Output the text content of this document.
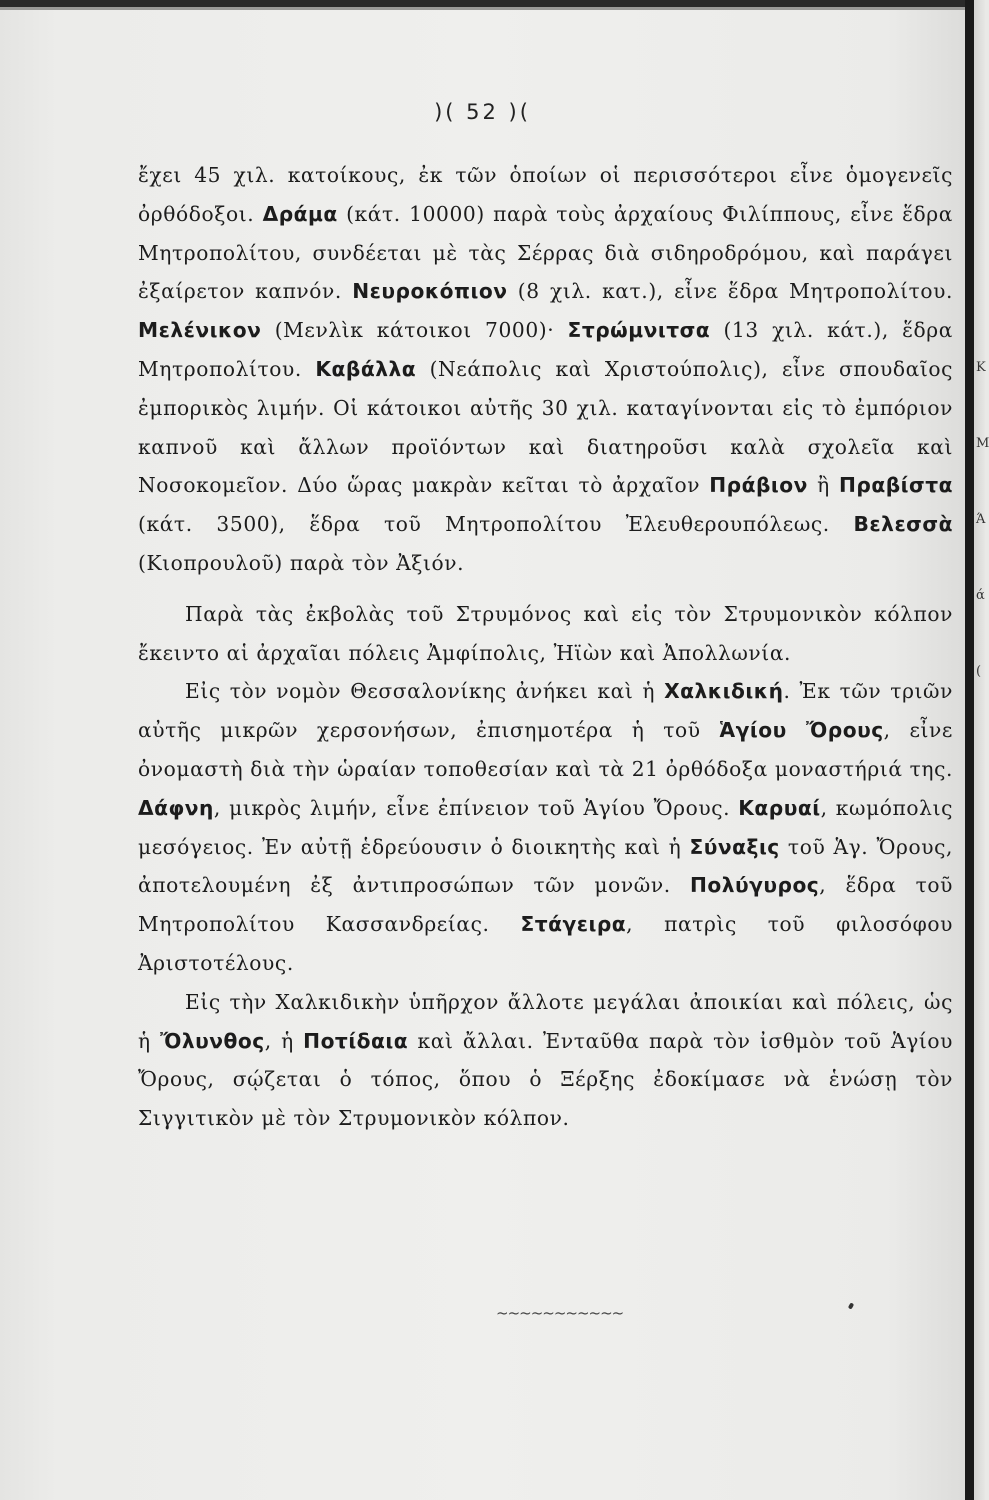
Κ
Μ
Ά
ά
(
)( 52 )(

ἔχει 45 χιλ. κατοίκους, ἐκ τῶν ὁποίων οἱ περισσότεροι εἶνε ὁμογενεῖς ὀρθόδοξοι. Δράμα (κάτ. 10000) παρὰ τοὺς ἀρχαίους Φιλίππους, εἶνε ἕδρα Μητροπολίτου, συνδέεται μὲ τὰς Σέρρας διὰ σιδηροδρόμου, καὶ παράγει ἐξαίρετον καπνόν. Νευροκόπιον (8 χιλ. κατ.), εἶνε ἕδρα Μητροπολίτου. Μελένικον (Μενλὶκ κάτοικοι 7000)· Στρώμνιτσα (13 χιλ. κάτ.), ἕδρα Μητροπολίτου. Καβάλλα (Νεάπολις καὶ Χριστούπολις), εἶνε σπουδαῖος ἐμπορικὸς λιμήν. Οἱ κάτοικοι αὐτῆς 30 χιλ. καταγίνονται εἰς τὸ ἐμπόριον καπνοῦ καὶ ἄλλων προϊόντων καὶ διατηροῦσι καλὰ σχολεῖα καὶ Νοσοκομεῖον. Δύο ὥρας μακρὰν κεῖται τὸ ἀρχαῖον Πράβιον ἢ Πραβίστα (κάτ. 3500), ἕδρα τοῦ Μητροπολίτου Ἐλευθερουπόλεως. Βελεσσὰ (Κιοπρουλοῦ) παρὰ τὸν Ἀξιόν.

Παρὰ τὰς ἐκβολὰς τοῦ Στρυμόνος καὶ εἰς τὸν Στρυμονικὸν κόλπον ἔκειντο αἱ ἀρχαῖαι πόλεις Ἀμφίπολις, Ἠϊὼν καὶ Ἀπολλωνία.

Εἰς τὸν νομὸν Θεσσαλονίκης ἀνήκει καὶ ἡ Χαλκιδική. Ἐκ τῶν τριῶν αὐτῆς μικρῶν χερσονήσων, ἐπισημοτέρα ἡ τοῦ Ἁγίου Ὄρους, εἶνε ὀνομαστὴ διὰ τὴν ὡραίαν τοποθεσίαν καὶ τὰ 21 ὀρθόδοξα μοναστήριά της. Δάφνη, μικρὸς λιμήν, εἶνε ἐπίνειον τοῦ Ἁγίου Ὄρους. Καρυαί, κωμόπολις μεσόγειος. Ἐν αὐτῇ ἑδρεύουσιν ὁ διοικητὴς καὶ ἡ Σύναξις τοῦ Ἁγ. Ὄρους, ἀποτελουμένη ἐξ ἀντιπροσώπων τῶν μονῶν. Πολύγυρος, ἕδρα τοῦ Μητροπολίτου Κασσανδρείας. Στάγειρα, πατρὶς τοῦ φιλοσόφου Ἀριστοτέλους.

Εἰς τὴν Χαλκιδικὴν ὑπῆρχον ἄλλοτε μεγάλαι ἀποικίαι καὶ πόλεις, ὡς ἡ Ὄλυνθος, ἡ Ποτίδαια καὶ ἄλλαι. Ἐνταῦθα παρὰ τὸν ἰσθμὸν τοῦ Ἁγίου Ὄρους, σῴζεται ὁ τόπος, ὅπου ὁ Ξέρξης ἐδοκίμασε νὰ ἑνώσῃ τὸν Σιγγιτικὸν μὲ τὸν Στρυμονικὸν κόλπον.

~~~~~~~~~~~
